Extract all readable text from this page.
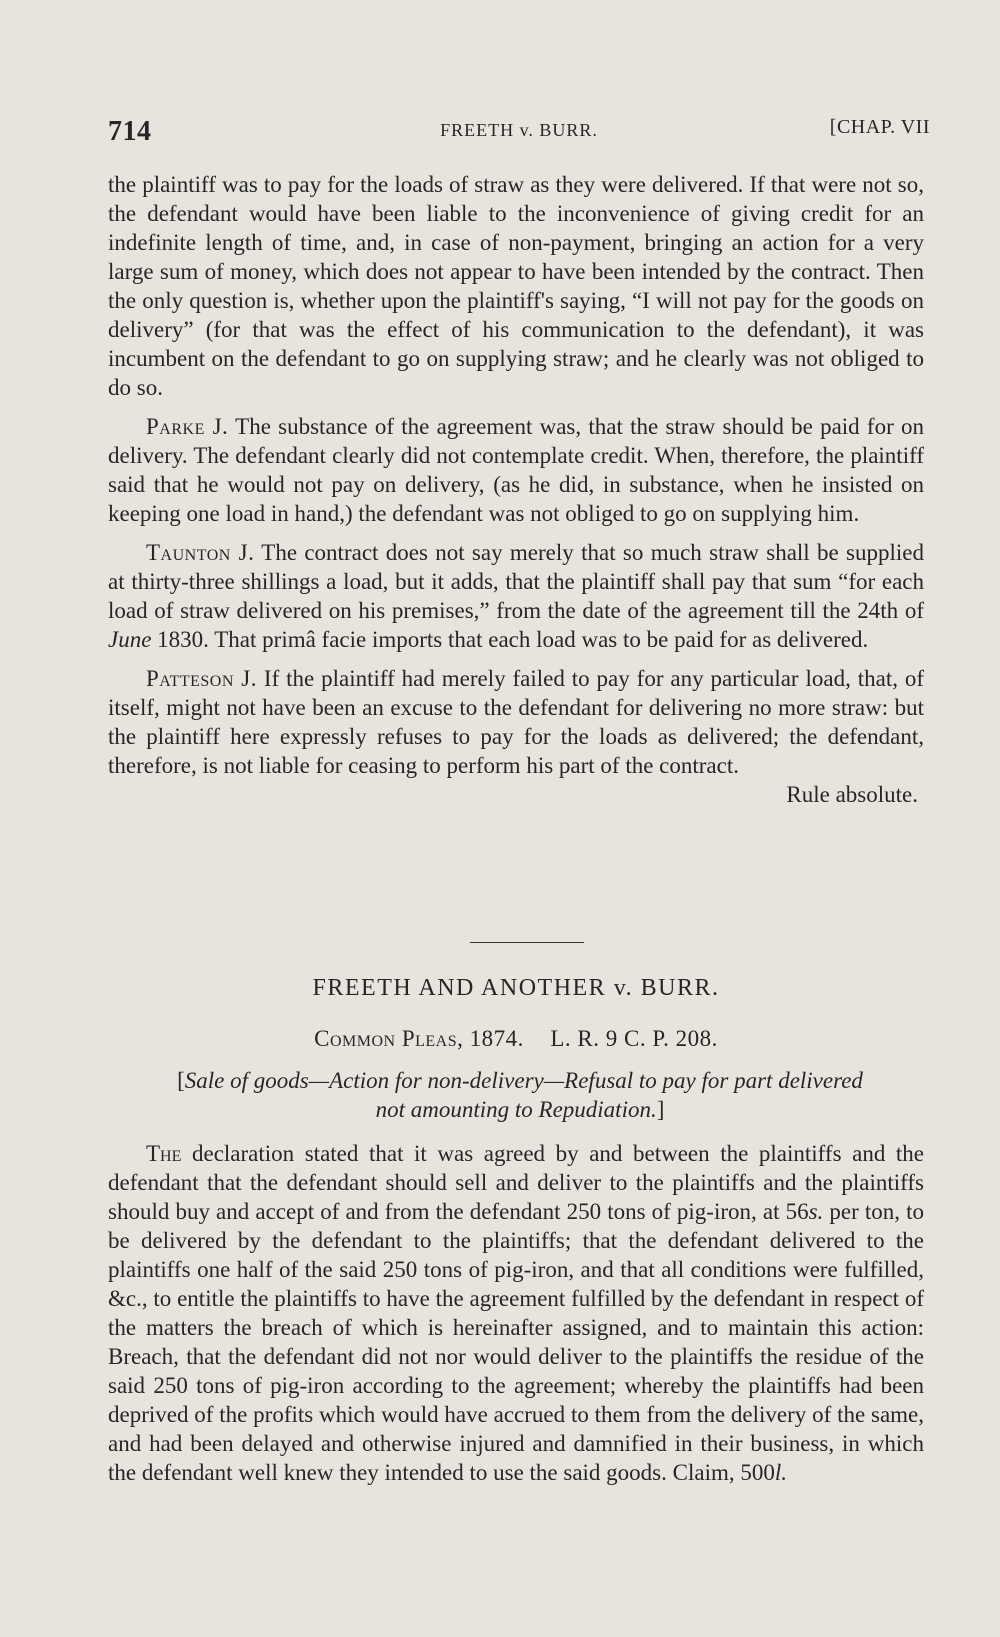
714	FREETH v. BURR.	[CHAP. VII

the plaintiff was to pay for the loads of straw as they were delivered. If that were not so, the defendant would have been liable to the inconvenience of giving credit for an indefinite length of time, and, in case of non-payment, bringing an action for a very large sum of money, which does not appear to have been intended by the contract. Then the only question is, whether upon the plaintiff's saying, “I will not pay for the goods on delivery” (for that was the effect of his communication to the defendant), it was incumbent on the defendant to go on supplying straw; and he clearly was not obliged to do so.

Parke J. The substance of the agreement was, that the straw should be paid for on delivery. The defendant clearly did not contemplate credit. When, therefore, the plaintiff said that he would not pay on delivery, (as he did, in substance, when he insisted on keeping one load in hand,) the defendant was not obliged to go on supplying him.

Taunton J. The contract does not say merely that so much straw shall be supplied at thirty-three shillings a load, but it adds, that the plaintiff shall pay that sum “for each load of straw delivered on his premises,” from the date of the agreement till the 24th of June 1830. That primâ facie imports that each load was to be paid for as delivered.

Patteson J. If the plaintiff had merely failed to pay for any particular load, that, of itself, might not have been an excuse to the defendant for delivering no more straw: but the plaintiff here expressly refuses to pay for the loads as delivered; the defendant, therefore, is not liable for ceasing to perform his part of the contract.

Rule absolute.

FREETH AND ANOTHER v. BURR.
Common Pleas, 1874. L. R. 9 C. P. 208.
[Sale of goods—Action for non-delivery—Refusal to pay for part delivered not amounting to Repudiation.]

The declaration stated that it was agreed by and between the plaintiffs and the defendant that the defendant should sell and deliver to the plaintiffs and the plaintiffs should buy and accept of and from the defendant 250 tons of pig-iron, at 56s. per ton, to be delivered by the defendant to the plaintiffs; that the defendant delivered to the plaintiffs one half of the said 250 tons of pig-iron, and that all conditions were fulfilled, &c., to entitle the plaintiffs to have the agreement fulfilled by the defendant in respect of the matters the breach of which is hereinafter assigned, and to maintain this action: Breach, that the defendant did not nor would deliver to the plaintiffs the residue of the said 250 tons of pig-iron according to the agreement; whereby the plaintiffs had been deprived of the profits which would have accrued to them from the delivery of the same, and had been delayed and otherwise injured and damnified in their business, in which the defendant well knew they intended to use the said goods. Claim, 500l.
